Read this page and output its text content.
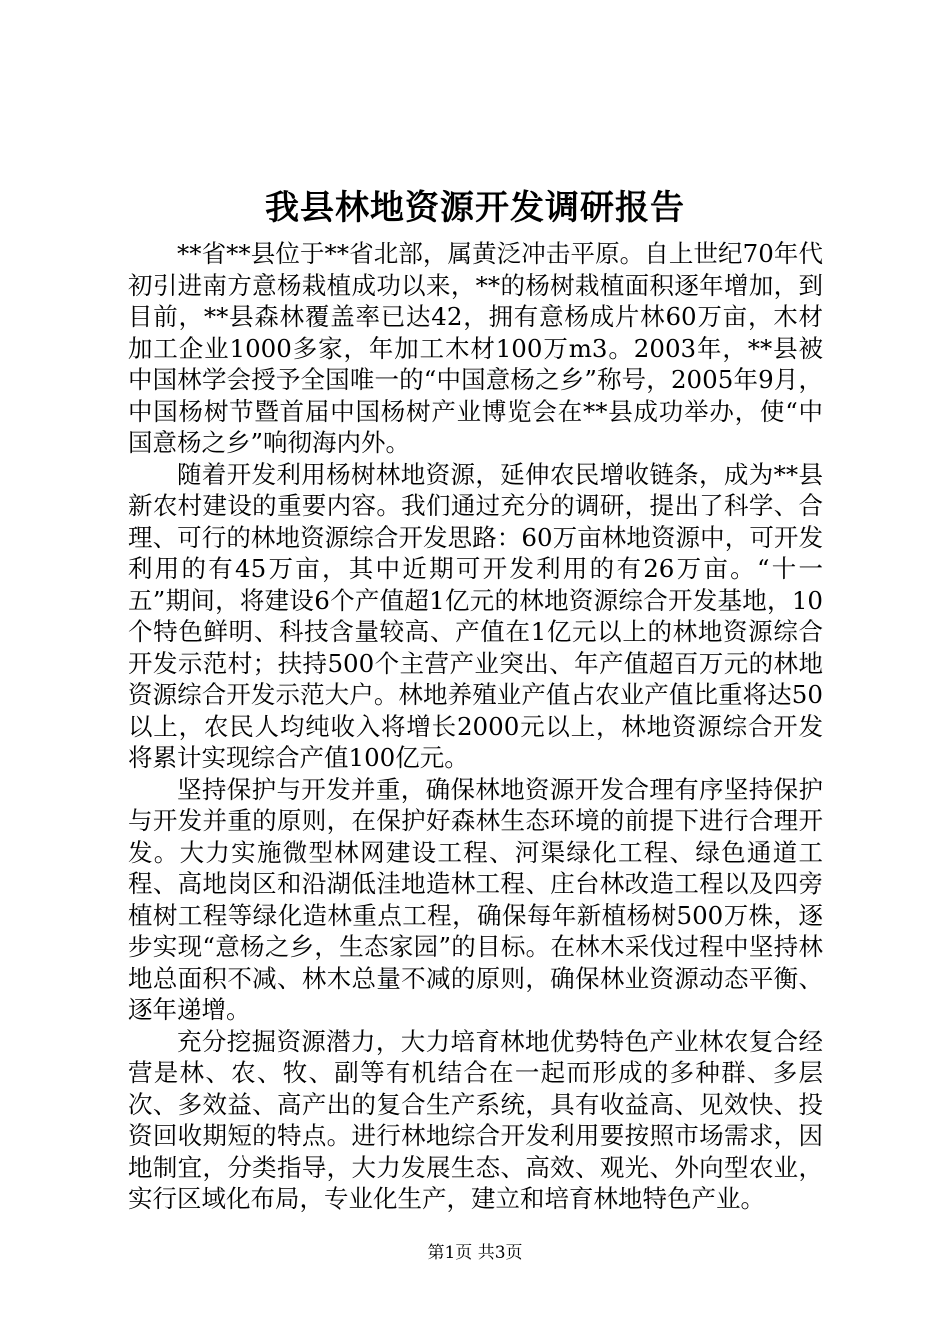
我县林地资源开发调研报告

**省**县位于**省北部，属黄泛冲击平原。自上世纪70年代初引进南方意杨栽植成功以来，**的杨树栽植面积逐年增加，到目前，**县森林覆盖率已达42，拥有意杨成片林60万亩，木材加工企业1000多家，年加工木材100万m3。2003年，**县被中国林学会授予全国唯一的“中国意杨之乡”称号，2005年9月，中国杨树节暨首届中国杨树产业博览会在**县成功举办，使“中国意杨之乡”响彻海内外。

随着开发利用杨树林地资源，延伸农民增收链条，成为**县新农村建设的重要内容。我们通过充分的调研，提出了科学、合理、可行的林地资源综合开发思路：60万亩林地资源中，可开发利用的有45万亩，其中近期可开发利用的有26万亩。“十一五”期间，将建设6个产值超1亿元的林地资源综合开发基地，10个特色鲜明、科技含量较高、产值在1亿元以上的林地资源综合开发示范村；扶持500个主营产业突出、年产值超百万元的林地资源综合开发示范大户。林地养殖业产值占农业产值比重将达50以上，农民人均纯收入将增长2000元以上，林地资源综合开发将累计实现综合产值100亿元。

坚持保护与开发并重，确保林地资源开发合理有序坚持保护与开发并重的原则，在保护好森林生态环境的前提下进行合理开发。大力实施微型林网建设工程、河渠绿化工程、绿色通道工程、高地岗区和沿湖低洼地造林工程、庄台林改造工程以及四旁植树工程等绿化造林重点工程，确保每年新植杨树500万株，逐步实现“意杨之乡，生态家园”的目标。在林木采伐过程中坚持林地总面积不减、林木总量不减的原则，确保林业资源动态平衡、逐年递增。

充分挖掘资源潜力，大力培育林地优势特色产业林农复合经营是林、农、牧、副等有机结合在一起而形成的多种群、多层次、多效益、高产出的复合生产系统，具有收益高、见效快、投资回收期短的特点。进行林地综合开发利用要按照市场需求，因地制宜，分类指导，大力发展生态、高效、观光、外向型农业，实行区域化布局，专业化生产，建立和培育林地特色产业。

第1页 共3页
